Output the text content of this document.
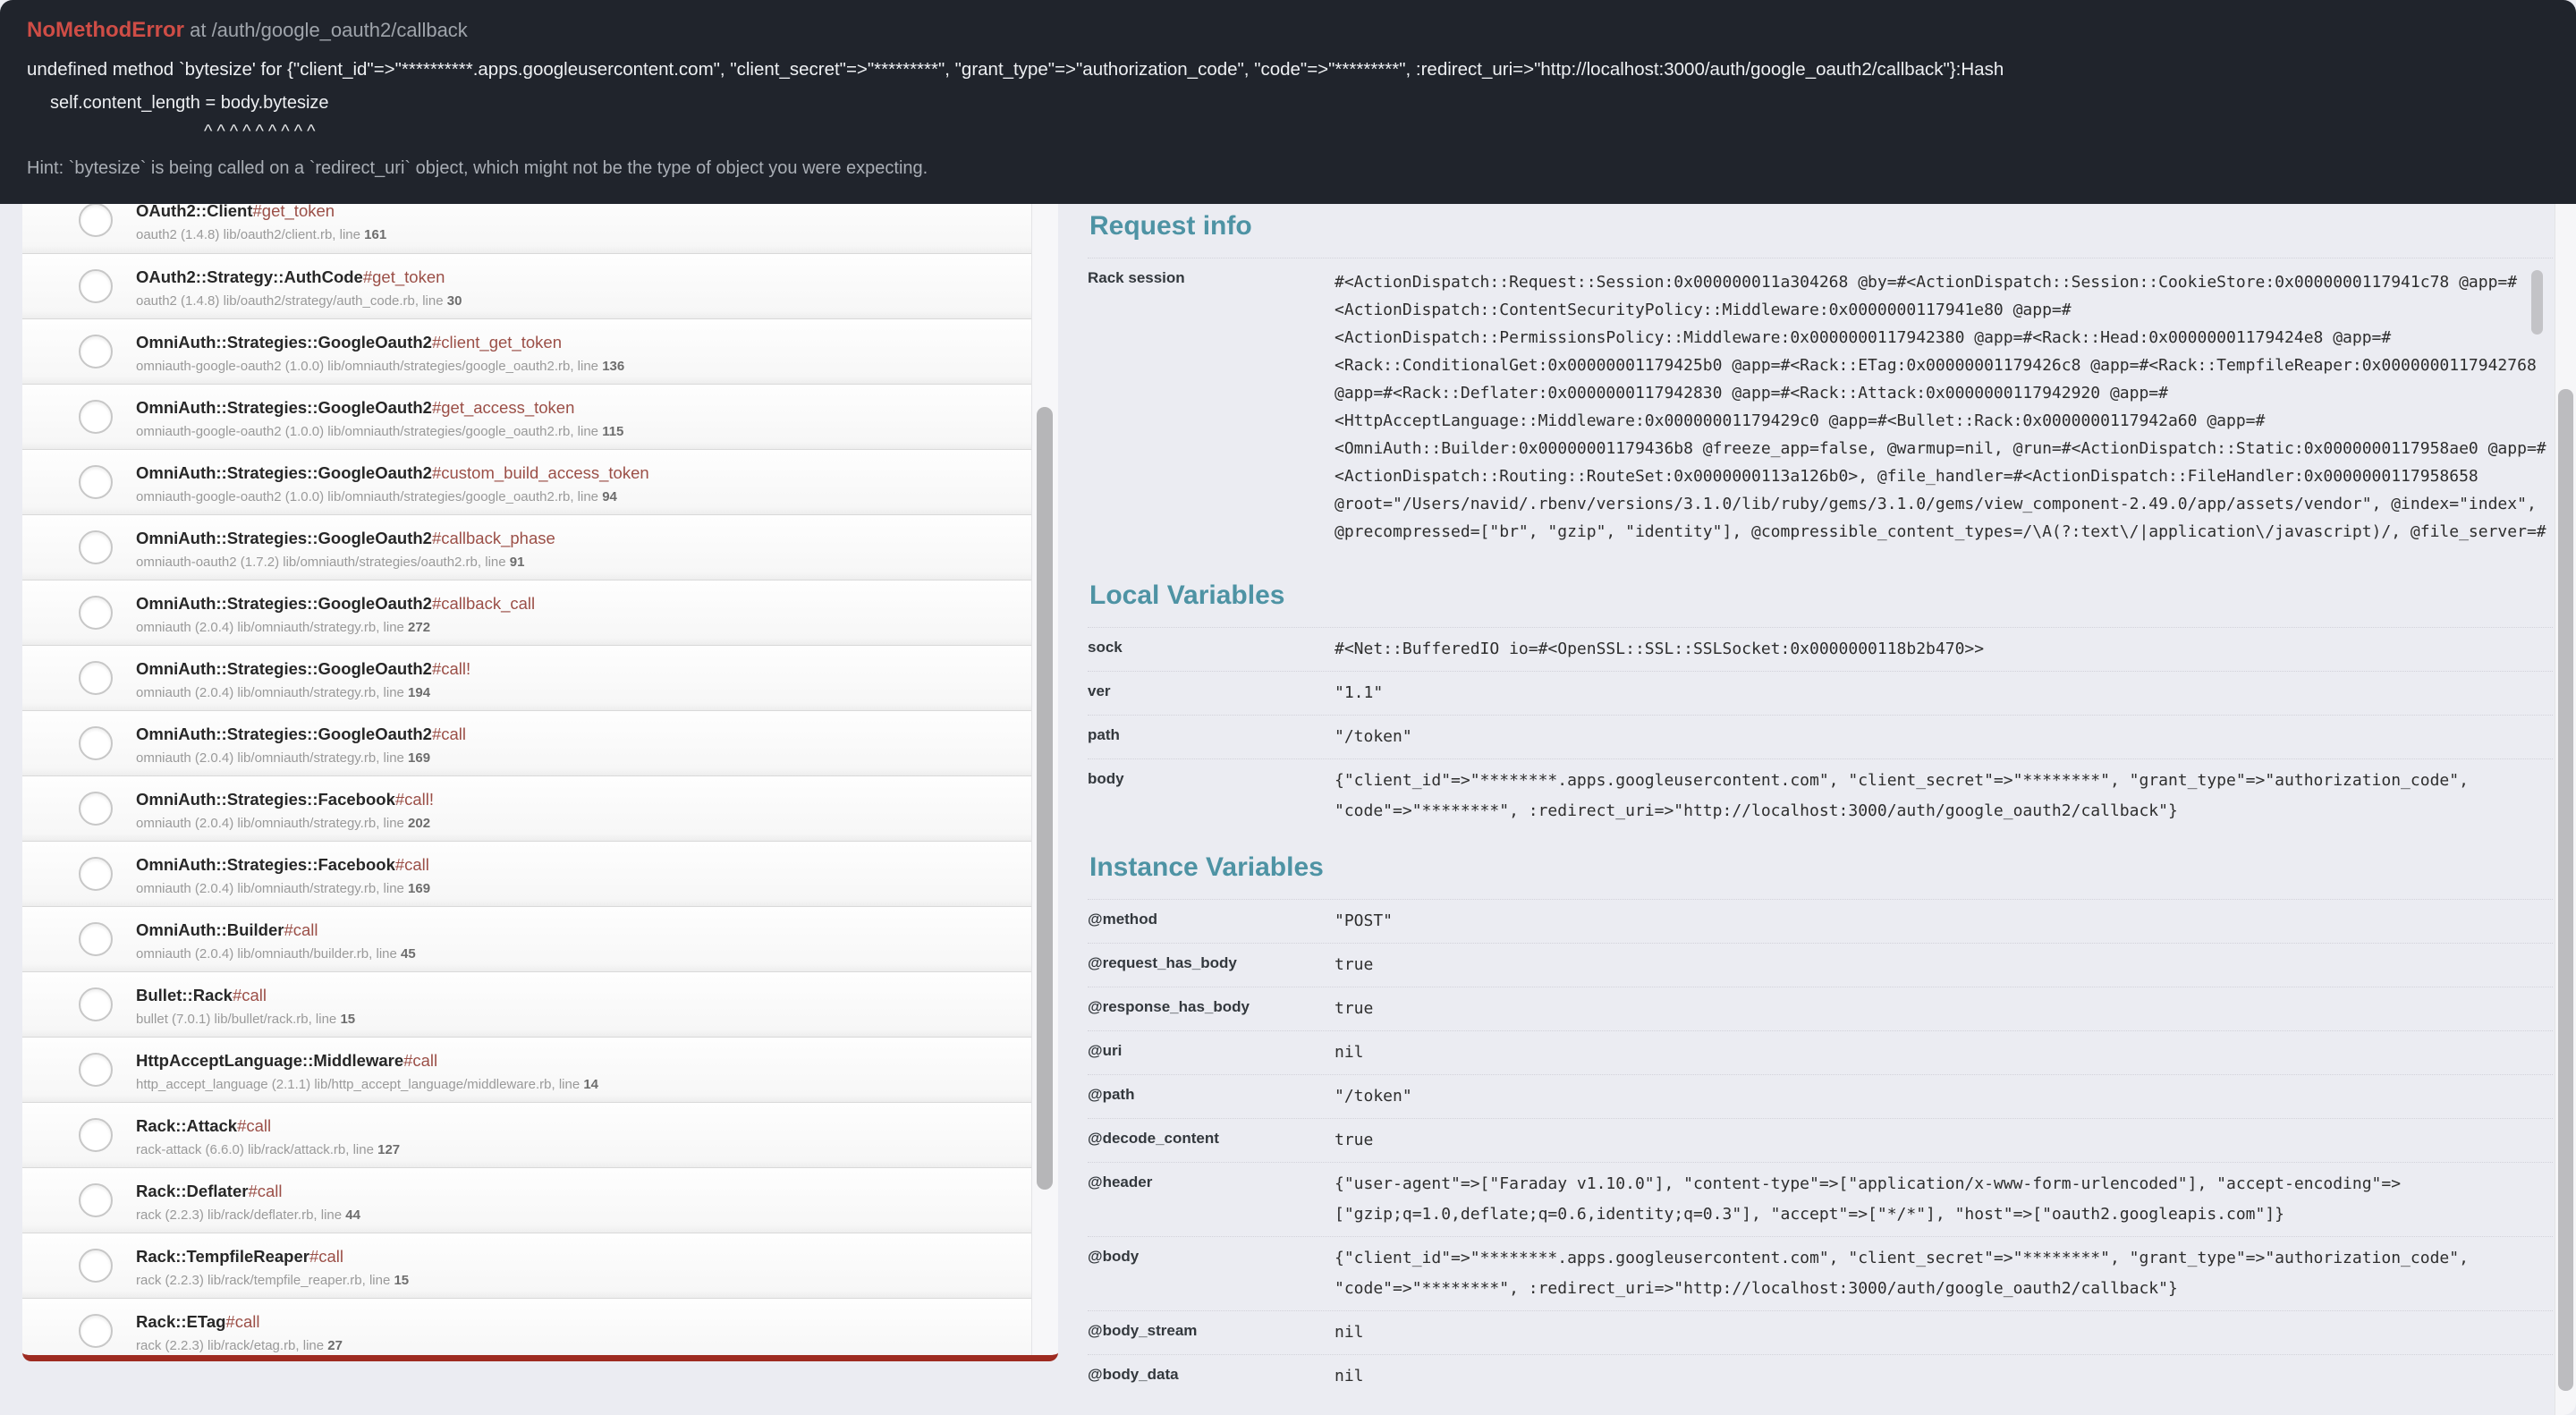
NoMethodError at /auth/google_oauth2/callback
undefined method `bytesize' for {"client_id"=>"**********.apps.googleusercontent.com", "client_secret"=>"*********", "grant_type"=>"authorization_code", "code"=>"*********", :redirect_uri=>"http://localhost:3000/auth/google_oauth2/callback"}:Hash
self.content_length = body.bytesize
^^^^^^^^^
Hint: `bytesize` is being called on a `redirect_uri` object, which might not be the type of object you were expecting.
OAuth2::Client#get_token
oauth2 (1.4.8) lib/oauth2/client.rb, line 161
OAuth2::Strategy::AuthCode#get_token
oauth2 (1.4.8) lib/oauth2/strategy/auth_code.rb, line 30
OmniAuth::Strategies::GoogleOauth2#client_get_token
omniauth-google-oauth2 (1.0.0) lib/omniauth/strategies/google_oauth2.rb, line 136
OmniAuth::Strategies::GoogleOauth2#get_access_token
omniauth-google-oauth2 (1.0.0) lib/omniauth/strategies/google_oauth2.rb, line 115
OmniAuth::Strategies::GoogleOauth2#custom_build_access_token
omniauth-google-oauth2 (1.0.0) lib/omniauth/strategies/google_oauth2.rb, line 94
OmniAuth::Strategies::GoogleOauth2#callback_phase
omniauth-oauth2 (1.7.2) lib/omniauth/strategies/oauth2.rb, line 91
OmniAuth::Strategies::GoogleOauth2#callback_call
omniauth (2.0.4) lib/omniauth/strategy.rb, line 272
OmniAuth::Strategies::GoogleOauth2#call!
omniauth (2.0.4) lib/omniauth/strategy.rb, line 194
OmniAuth::Strategies::GoogleOauth2#call
omniauth (2.0.4) lib/omniauth/strategy.rb, line 169
OmniAuth::Strategies::Facebook#call!
omniauth (2.0.4) lib/omniauth/strategy.rb, line 202
OmniAuth::Strategies::Facebook#call
omniauth (2.0.4) lib/omniauth/strategy.rb, line 169
OmniAuth::Builder#call
omniauth (2.0.4) lib/omniauth/builder.rb, line 45
Bullet::Rack#call
bullet (7.0.1) lib/bullet/rack.rb, line 15
HttpAcceptLanguage::Middleware#call
http_accept_language (2.1.1) lib/http_accept_language/middleware.rb, line 14
Rack::Attack#call
rack-attack (6.6.0) lib/rack/attack.rb, line 127
Rack::Deflater#call
rack (2.2.3) lib/rack/deflater.rb, line 44
Rack::TempfileReaper#call
rack (2.2.3) lib/rack/tempfile_reaper.rb, line 15
Rack::ETag#call
rack (2.2.3) lib/rack/etag.rb, line 27
Request info
Rack session	#<ActionDispatch::Request::Session:0x000000011a304268 @by=#<ActionDispatch::Session::CookieStore:0x0000000117941c78 @app=#
<ActionDispatch::ContentSecurityPolicy::Middleware:0x0000000117941e80 @app=#
<ActionDispatch::PermissionsPolicy::Middleware:0x0000000117942380 @app=#<Rack::Head:0x00000001179424e8 @app=#
<Rack::ConditionalGet:0x00000001179425b0 @app=#<Rack::ETag:0x00000001179426c8 @app=#<Rack::TempfileReaper:0x0000000117942768
@app=#<Rack::Deflater:0x0000000117942830 @app=#<Rack::Attack:0x0000000117942920 @app=#
<HttpAcceptLanguage::Middleware:0x00000001179429c0 @app=#<Bullet::Rack:0x0000000117942a60 @app=#
<OmniAuth::Builder:0x00000001179436b8 @freeze_app=false, @warmup=nil, @run=#<ActionDispatch::Static:0x0000000117958ae0 @app=#
<ActionDispatch::Routing::RouteSet:0x0000000113a126b0>, @file_handler=#<ActionDispatch::FileHandler:0x0000000117958658
@root="/Users/navid/.rbenv/versions/3.1.0/lib/ruby/gems/3.1.0/gems/view_component-2.49.0/app/assets/vendor", @index="index",
@precompressed=["br", "gzip", "identity"], @compressible_content_types=/\A(?:text\/|application\/javascript)/, @file_server=#
Local Variables
sock	#<Net::BufferedIO io=#<OpenSSL::SSL::SSLSocket:0x0000000118b2b470>>
ver	"1.1"
path	"/token"
body	{"client_id"=>"********.apps.googleusercontent.com", "client_secret"=>"********", "grant_type"=>"authorization_code", "code"=>"********", :redirect_uri=>"http://localhost:3000/auth/google_oauth2/callback"}
Instance Variables
@method	"POST"
@request_has_body	true
@response_has_body	true
@uri	nil
@path	"/token"
@decode_content	true
@header	{"user-agent"=>["Faraday v1.10.0"], "content-type"=>["application/x-www-form-urlencoded"], "accept-encoding"=>["gzip;q=1.0,deflate;q=0.6,identity;q=0.3"], "accept"=>["*/*"], "host"=>["oauth2.googleapis.com"]}
@body	{"client_id"=>"********.apps.googleusercontent.com", "client_secret"=>"********", "grant_type"=>"authorization_code", "code"=>"********", :redirect_uri=>"http://localhost:3000/auth/google_oauth2/callback"}
@body_stream	nil
@body_data	nil
